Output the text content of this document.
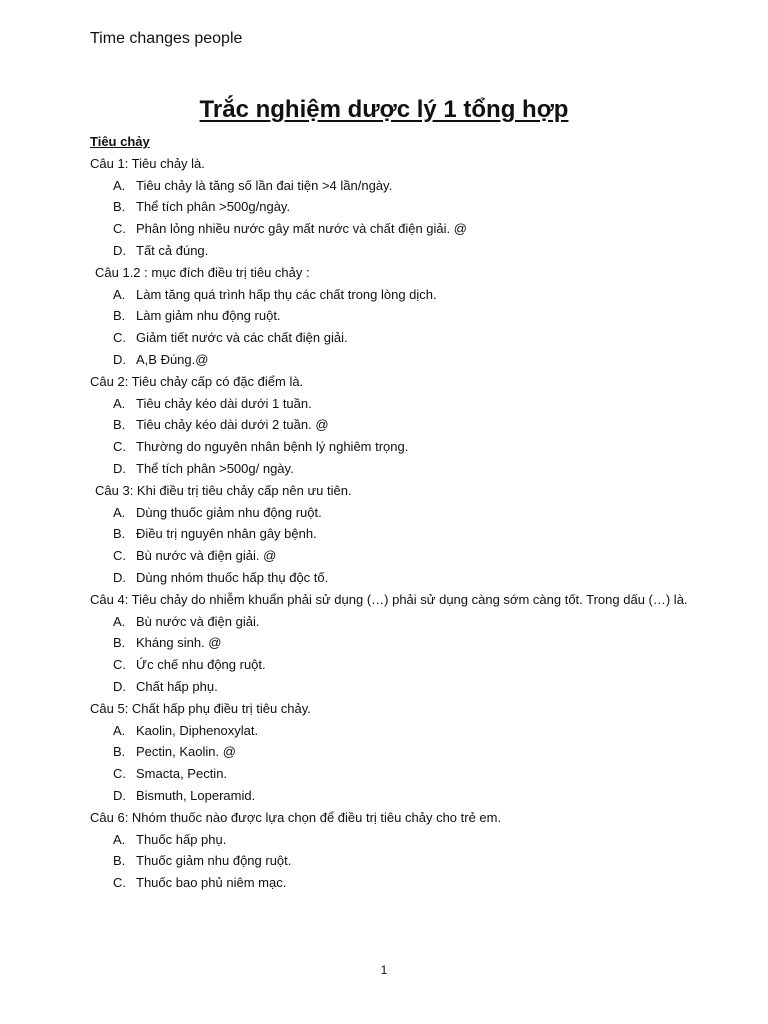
Time changes people
Trắc nghiệm dược lý 1 tổng hợp
Tiêu chảy
Câu 1: Tiêu chảy là.
A. Tiêu chảy là tăng số lần đai tiện >4 lần/ngày.
B. Thể tích phân >500g/ngày.
C. Phân lỏng nhiều nước gây mất nước và chất điện giải. @
D. Tất cả đúng.
Câu 1.2 : mục đích điều trị tiêu chảy :
A. Làm tăng quá trình hấp thụ các chất trong lòng dịch.
B. Làm giảm nhu động ruột.
C. Giảm tiết nước và các chất điện giải.
D. A,B Đúng.@
Câu 2: Tiêu chảy cấp có đặc điểm là.
A. Tiêu chảy kéo dài dưới 1 tuần.
B. Tiêu chảy kéo dài dưới 2 tuần. @
C. Thường do nguyên nhân bệnh lý nghiêm trọng.
D. Thể tích phân >500g/ ngày.
Câu 3: Khi điều trị tiêu chảy cấp nên ưu tiên.
A. Dùng thuốc giảm nhu động ruột.
B. Điều trị nguyên nhân gây bệnh.
C. Bù nước và điện giải. @
D. Dùng nhóm thuốc hấp thụ độc tố.
Câu 4: Tiêu chảy do nhiễm khuẩn phải sử dụng (…) phải sử dụng càng sớm càng tốt. Trong dấu (…) là.
A. Bù nước và điện giải.
B. Kháng sinh. @
C. Ức chế nhu động ruột.
D. Chất hấp phụ.
Câu 5: Chất hấp phụ điều trị tiêu chảy.
A. Kaolin, Diphenoxylat.
B. Pectin, Kaolin. @
C. Smacta, Pectin.
D. Bismuth, Loperamid.
Câu 6: Nhóm thuốc nào được lựa chọn để điều trị tiêu chảy cho trẻ em.
A. Thuốc hấp phụ.
B. Thuốc giảm nhu động ruột.
C. Thuốc bao phủ niêm mạc.
1
